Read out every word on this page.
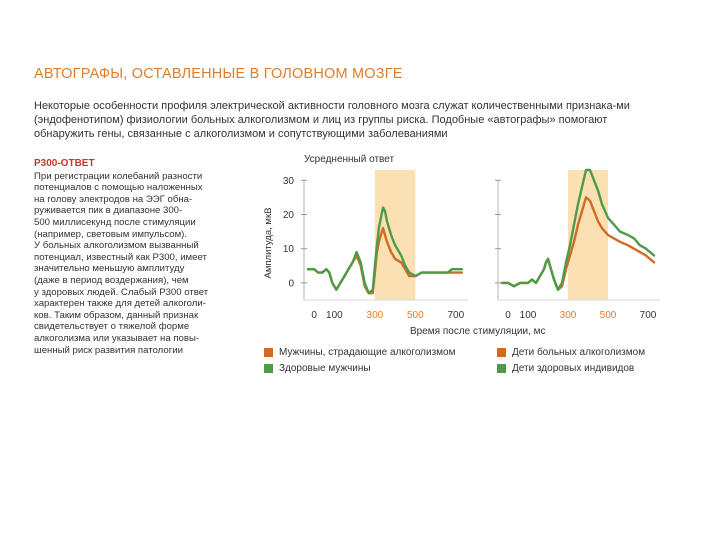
АВТОГРАФЫ, ОСТАВЛЕННЫЕ В ГОЛОВНОМ МОЗГЕ
Некоторые особенности профиля электрической активности головного мозга служат количественными признака-ми (эндофенотипом) физиологии больных алкоголизмом и лиц из группы риска. Подобные «автографы» помогают обнаружить гены, связанные с алкоголизмом и сопутствующими заболеваниями
Р300-ОТВЕТ
При регистрации колебаний разности
потенциалов с помощью наложенных
на голову электродов на ЭЭГ обна-
руживается пик в диапазоне 300-
500 миллисекунд после стимуляции
(например, световым импульсом).
У больных алкоголизмом вызванный
потенциал, известный как Р300, имеет
значительно меньшую амплитуду
(даже в период воздержания), чем
у здоровых людей. Слабый Р300 ответ
характерен также для детей алкоголи-
ков. Таким образом, данный признак
свидетельствует о тяжелой форме
алкоголизма или указывает на повы-
шенный риск развития патологии
0
10
20
30
0 100 300 500 700
Усредненный ответ
Амплитуда, мкВ
0 100 300 500 700
Время после стимуляции, мс
Мужчины, страдающие алкоголизмом	Дети больных алкоголизмом
Здоровые мужчины	Дети здоровых индивидов
